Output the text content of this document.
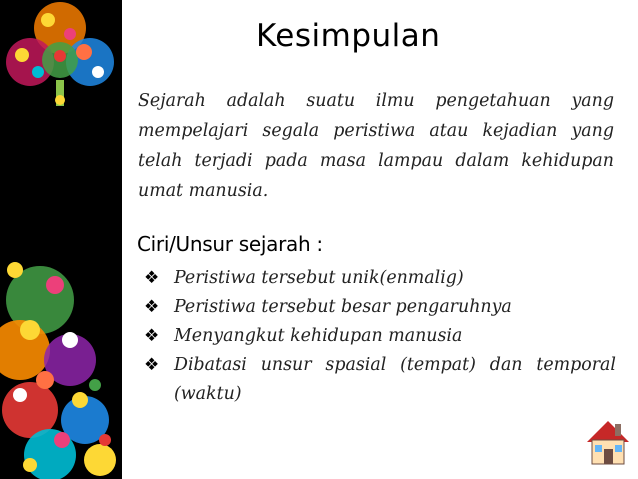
Kesimpulan

Sejarah adalah suatu ilmu pengetahuan yang mempelajari segala peristiwa atau kejadian yang telah terjadi pada masa lampau dalam kehidupan umat manusia.

Ciri/Unsur sejarah :
❖ Peristiwa tersebut unik(enmalig)
❖ Peristiwa tersebut besar pengaruhnya
❖ Menyangkut kehidupan manusia
❖ Dibatasi unsur spasial (tempat) dan temporal (waktu)
